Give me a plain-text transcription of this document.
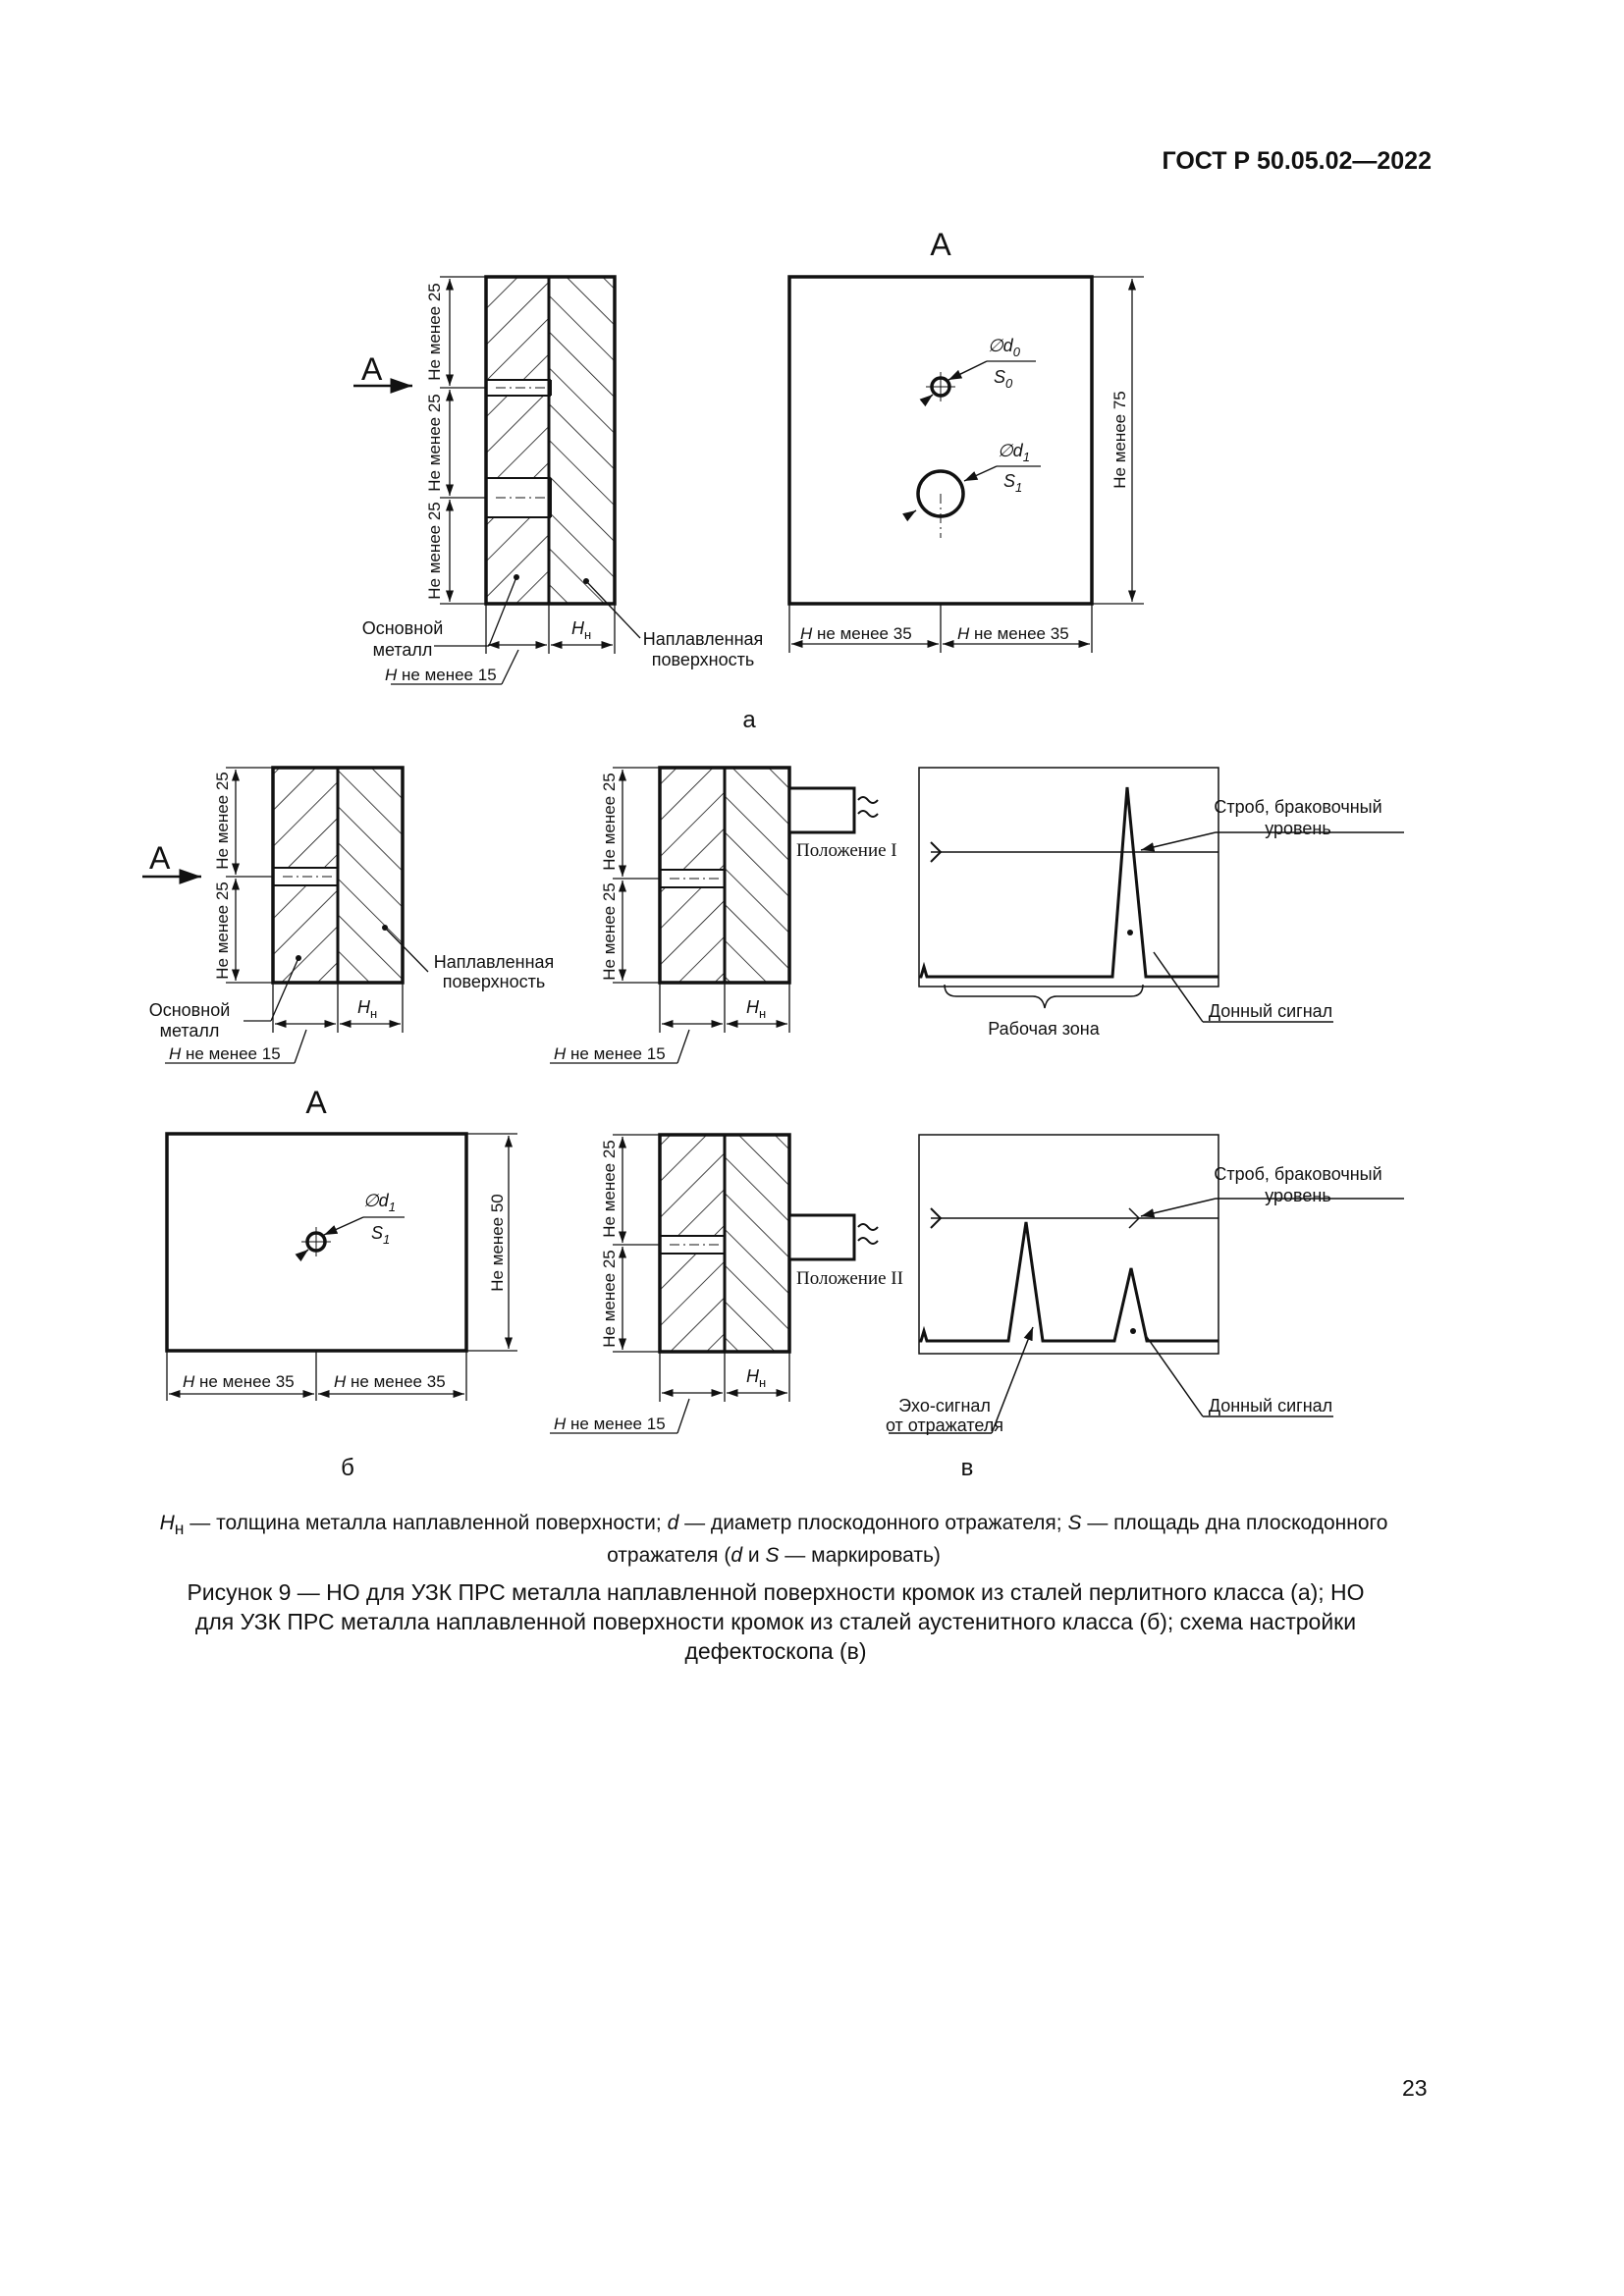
ГОСТ Р 50.05.02—2022
А	Не менее 25
Не менее 25
Не менее 25
Основной
металл
Наплавленная
поверхность
$H_н$
H не менее 15
А
Не менее 75
H не менее 35	H не менее 35
$\emptyset d_0$
$S_0$
$\emptyset d_1$
$S_1$
а
А	Не менее 25
Не менее 25
Основной
металл
Наплавленная
поверхность
$H_н$
H не менее 15
Не менее 25
Не менее 25
$H_н$
H не менее 15
Положение I
Строб, браковочный
уровень
Донный сигнал
Рабочая зона
А
Не менее 50
H не менее 35 H не менее 35
$\emptyset d_1$
$S_1$
б
Не менее 25
Не менее 25
$H_н$
H не менее 15
Положение II
Строб, браковочный
уровень
Донный сигнал
Эхо-сигнал
от отражателя
в

$H_н$ — толщина металла наплавленной поверхности; d — диаметр плоскодонного отражателя; S — площадь дна плоскодонного

отражателя (d и S — маркировать)

Рисунок 9 — НО для УЗК ПРС металла наплавленной поверхности кромок из сталей перлитного класса (а); НО

для УЗК ПРС металла наплавленной поверхности кромок из сталей аустенитного класса (б); схема настройки

дефектоскопа (в)

23
